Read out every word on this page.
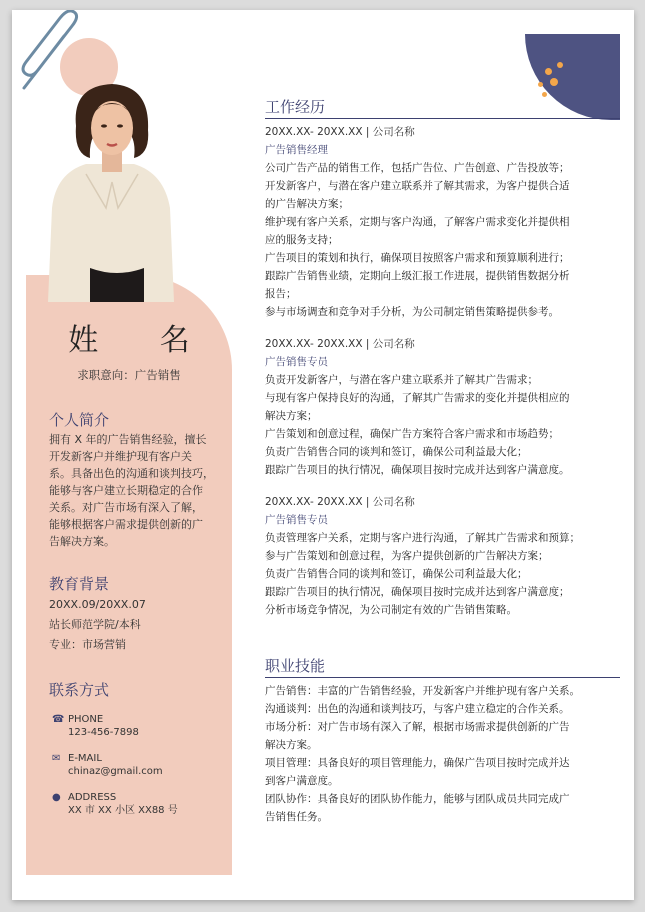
姓 名
求职意向：广告销售
个人简介
拥有 X 年的广告销售经验，擅长
开发新客户并维护现有客户关
系。具备出色的沟通和谈判技巧，
能够与客户建立长期稳定的合作
关系。对广告市场有深入了解，
能够根据客户需求提供创新的广
告解决方案。
教育背景
20XX.09/20XX.07
站长师范学院/本科
专业：市场营销
联系方式
☎ PHONE
123-456-7898
✉ E-MAIL
chinaz@gmail.com
● ADDRESS
XX 市 XX 小区 XX88 号
工作经历
20XX.XX- 20XX.XX | 公司名称
广告销售经理
公司广告产品的销售工作，包括广告位、广告创意、广告投放等；
开发新客户，与潜在客户建立联系并了解其需求，为客户提供合适
的广告解决方案；
维护现有客户关系，定期与客户沟通，了解客户需求变化并提供相
应的服务支持；
广告项目的策划和执行，确保项目按照客户需求和预算顺利进行；
跟踪广告销售业绩，定期向上级汇报工作进展，提供销售数据分析
报告；
参与市场调查和竞争对手分析，为公司制定销售策略提供参考。
20XX.XX- 20XX.XX | 公司名称
广告销售专员
负责开发新客户，与潜在客户建立联系并了解其广告需求；
与现有客户保持良好的沟通，了解其广告需求的变化并提供相应的
解决方案；
广告策划和创意过程，确保广告方案符合客户需求和市场趋势；
负责广告销售合同的谈判和签订，确保公司利益最大化；
跟踪广告项目的执行情况，确保项目按时完成并达到客户满意度。
20XX.XX- 20XX.XX | 公司名称
广告销售专员
负责管理客户关系，定期与客户进行沟通，了解其广告需求和预算；
参与广告策划和创意过程，为客户提供创新的广告解决方案；
负责广告销售合同的谈判和签订，确保公司利益最大化；
跟踪广告项目的执行情况，确保项目按时完成并达到客户满意度；
分析市场竞争情况，为公司制定有效的广告销售策略。
职业技能
广告销售：丰富的广告销售经验，开发新客户并维护现有客户关系。
沟通谈判：出色的沟通和谈判技巧，与客户建立稳定的合作关系。
市场分析：对广告市场有深入了解，根据市场需求提供创新的广告
解决方案。
项目管理：具备良好的项目管理能力，确保广告项目按时完成并达
到客户满意度。
团队协作：具备良好的团队协作能力，能够与团队成员共同完成广
告销售任务。
